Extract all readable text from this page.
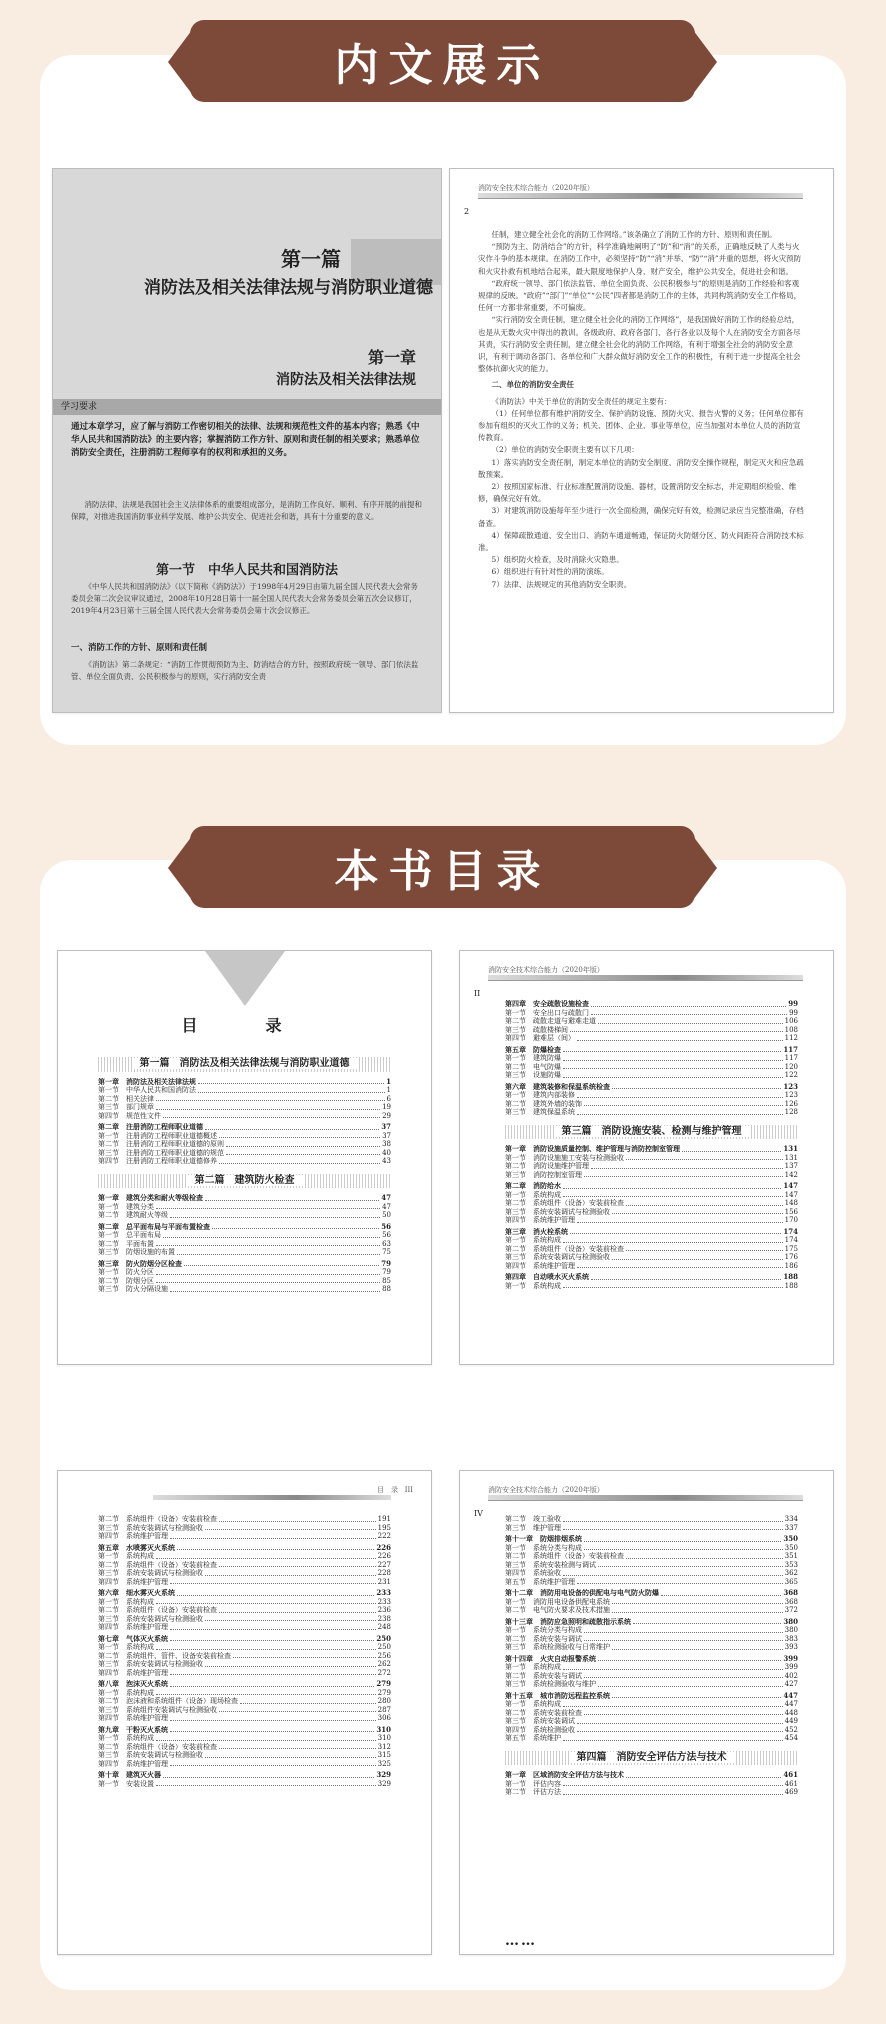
内文展示
本书目录
第一篇
消防法及相关法律法规与消防职业道德
第一章
消防法及相关法律法规
学习要求
通过本章学习，应了解与消防工作密切相关的法律、法规和规范性文件的基本内容；熟悉《中华人民共和国消防法》的主要内容；掌握消防工作方针、原则和责任制的相关要求；熟悉单位消防安全责任，注册消防工程师享有的权利和承担的义务。
消防法律、法规是我国社会主义法律体系的重要组成部分，是消防工作良好、顺利、有序开展的前提和保障，对推进我国消防事业科学发展、维护公共安全、促进社会和谐，具有十分重要的意义。
第一节　中华人民共和国消防法
《中华人民共和国消防法》（以下简称《消防法》）于1998年4月29日由第九届全国人民代表大会常务委员会第二次会议审议通过，2008年10月28日第十一届全国人民代表大会常务委员会第五次会议修订，2019年4月23日第十三届全国人民代表大会常务委员会第十次会议修正。
一、消防工作的方针、原则和责任制
《消防法》第二条规定：“消防工作贯彻预防为主、防消结合的方针，按照政府统一领导、部门依法监管、单位全面负责、公民积极参与的原则，实行消防安全责
消防安全技术综合能力（2020年版）
2

任制，建立健全社会化的消防工作网络。”该条确立了消防工作的方针、原则和责任制。

“预防为主、防消结合”的方针，科学准确地阐明了“防”和“消”的关系，正确地反映了人类与火灾作斗争的基本规律。在消防工作中，必须坚持“防”“消”并举、“防”“消”并重的思想，将火灾预防和火灾扑救有机地结合起来，最大限度地保护人身、财产安全，维护公共安全，促进社会和谐。

“政府统一领导、部门依法监管、单位全面负责、公民积极参与”的原则是消防工作经验和客观规律的反映。“政府”“部门”“单位”“公民”四者都是消防工作的主体，共同构筑消防安全工作格局，任何一方都非常重要，不可偏废。

“实行消防安全责任制，建立健全社会化的消防工作网络”，是我国做好消防工作的经验总结，也是从无数火灾中得出的教训。各级政府、政府各部门、各行各业以及每个人在消防安全方面各尽其责，实行消防安全责任制，建立健全社会化的消防工作网络，有利于增强全社会的消防安全意识，有利于调动各部门、各单位和广大群众做好消防安全工作的积极性，有利于进一步提高全社会整体抗御火灾的能力。

二、单位的消防安全责任

《消防法》中关于单位的消防安全责任的规定主要有：

（1）任何单位都有维护消防安全、保护消防设施、预防火灾、报告火警的义务；任何单位都有参加有组织的灭火工作的义务；机关、团体、企业、事业等单位，应当加强对本单位人员的消防宣传教育。

（2）单位的消防安全职责主要有以下几项：

1）落实消防安全责任制，制定本单位的消防安全制度、消防安全操作规程，制定灭火和应急疏散预案。

2）按照国家标准、行业标准配置消防设施、器材，设置消防安全标志，并定期组织检验、维修，确保完好有效。

3）对建筑消防设施每年至少进行一次全面检测，确保完好有效，检测记录应当完整准确，存档备查。

4）保障疏散通道、安全出口、消防车通道畅通，保证防火防烟分区、防火间距符合消防技术标准。

5）组织防火检查，及时消除火灾隐患。

6）组织进行有针对性的消防演练。

7）法律、法规规定的其他消防安全职责。

目　录
第一篇　消防法及相关法律法规与消防职业道德
第一章　消防法及相关法律法规	1
第一节　中华人民共和国消防法	1
第二节　相关法律	6
第三节　部门规章	19
第四节　规范性文件	29
第二章　注册消防工程师职业道德	37
第一节　注册消防工程师职业道德概述	37
第二节　注册消防工程师职业道德的原则	38
第三节　注册消防工程师职业道德的规范	40
第四节　注册消防工程师职业道德修养	43
第二篇　建筑防火检查
第一章　建筑分类和耐火等级检查	47
第一节　建筑分类	47
第二节　建筑耐火等级	50
第二章　总平面布局与平面布置检查	56
第一节　总平面布局	56
第二节　平面布置	63
第三节　防烟设施的布置	75
第三章　防火防烟分区检查	79
第一节　防火分区	79
第二节　防烟分区	85
第三节　防火分隔设施	88
消防安全技术综合能力（2020年版）
II
第四章　安全疏散设施检查	99
第一节　安全出口与疏散门	99
第二节　疏散走道与避难走道	106
第三节　疏散楼梯间	108
第四节　避难层（间）	112
第五章　防爆检查	117
第一节　建筑防爆	117
第二节　电气防爆	120
第三节　设施防爆	122
第六章　建筑装修和保温系统检查	123
第一节　建筑内部装修	123
第二节　建筑外墙的装饰	126
第三节　建筑保温系统	128
第三篇　消防设施安装、检测与维护管理
第一章　消防设施质量控制、维护管理与消防控制室管理	131
第一节　消防设施施工安装与检测验收	131
第二节　消防设施维护管理	137
第三节　消防控制室管理	142
第二章　消防给水	147
第一节　系统构成	147
第二节　系统组件（设备）安装前检查	148
第三节　系统安装调试与检测验收	156
第四节　系统维护管理	170
第三章　消火栓系统	174
第一节　系统构成	174
第二节　系统组件（设备）安装前检查	175
第三节　系统安装调试与检测验收	176
第四节　系统维护管理	186
第四章　自动喷水灭火系统	188
第一节　系统构成	188
目　录 III
第二节　系统组件（设备）安装前检查	191
第三节　系统安装调试与检测验收	195
第四节　系统维护管理	222
第五章　水喷雾灭火系统	226
第一节　系统构成	226
第二节　系统组件（设备）安装前检查	227
第三节　系统安装调试与检测验收	228
第四节　系统维护管理	231
第六章　细水雾灭火系统	233
第一节　系统构成	233
第二节　系统组件（设备）安装前检查	236
第三节　系统安装调试与检测验收	238
第四节　系统维护管理	248
第七章　气体灭火系统	250
第一节　系统构成	250
第二节　系统组件、管件、设备安装前检查	256
第三节　系统安装调试与检测验收	262
第四节　系统维护管理	272
第八章　泡沫灭火系统	279
第一节　系统构成	279
第二节　泡沫液和系统组件（设备）现场检查	280
第三节　系统组件安装调试与检测验收	287
第四节　系统维护管理	306
第九章　干粉灭火系统	310
第一节　系统构成	310
第二节　系统组件（设备）安装前检查	312
第三节　系统安装调试与检测验收	315
第四节　系统维护管理	325
第十章　建筑灭火器	329
第一节　安装设置	329
消防安全技术综合能力（2020年版）
IV
第二节　竣工验收	334
第三节　维护管理	337
第十一章　防烟排烟系统	350
第一节　系统分类与构成	350
第二节　系统组件（设备）安装前检查	351
第三节　系统安装检测与调试	353
第四节　系统验收	362
第五节　系统维护管理	365
第十二章　消防用电设备的供配电与电气防火防爆	368
第一节　消防用电设备供配电系统	368
第二节　电气防火要求及技术措施	372
第十三章　消防应急照明和疏散指示系统	380
第一节　系统分类与构成	380
第二节　系统安装与调试	383
第三节　系统检测验收与日常维护	393
第十四章　火灾自动报警系统	399
第一节　系统构成	399
第二节　系统安装与调试	402
第三节　系统检测验收与维护	427
第十五章　城市消防远程监控系统	447
第一节　系统构成	447
第二节　系统安装前检查	448
第三节　系统安装调试	449
第四节　系统检测验收	452
第五节　系统维护	454
第四篇　消防安全评估方法与技术
第一章　区域消防安全评估方法与技术	461
第一节　评估内容	461
第二节　评估方法	469
……
